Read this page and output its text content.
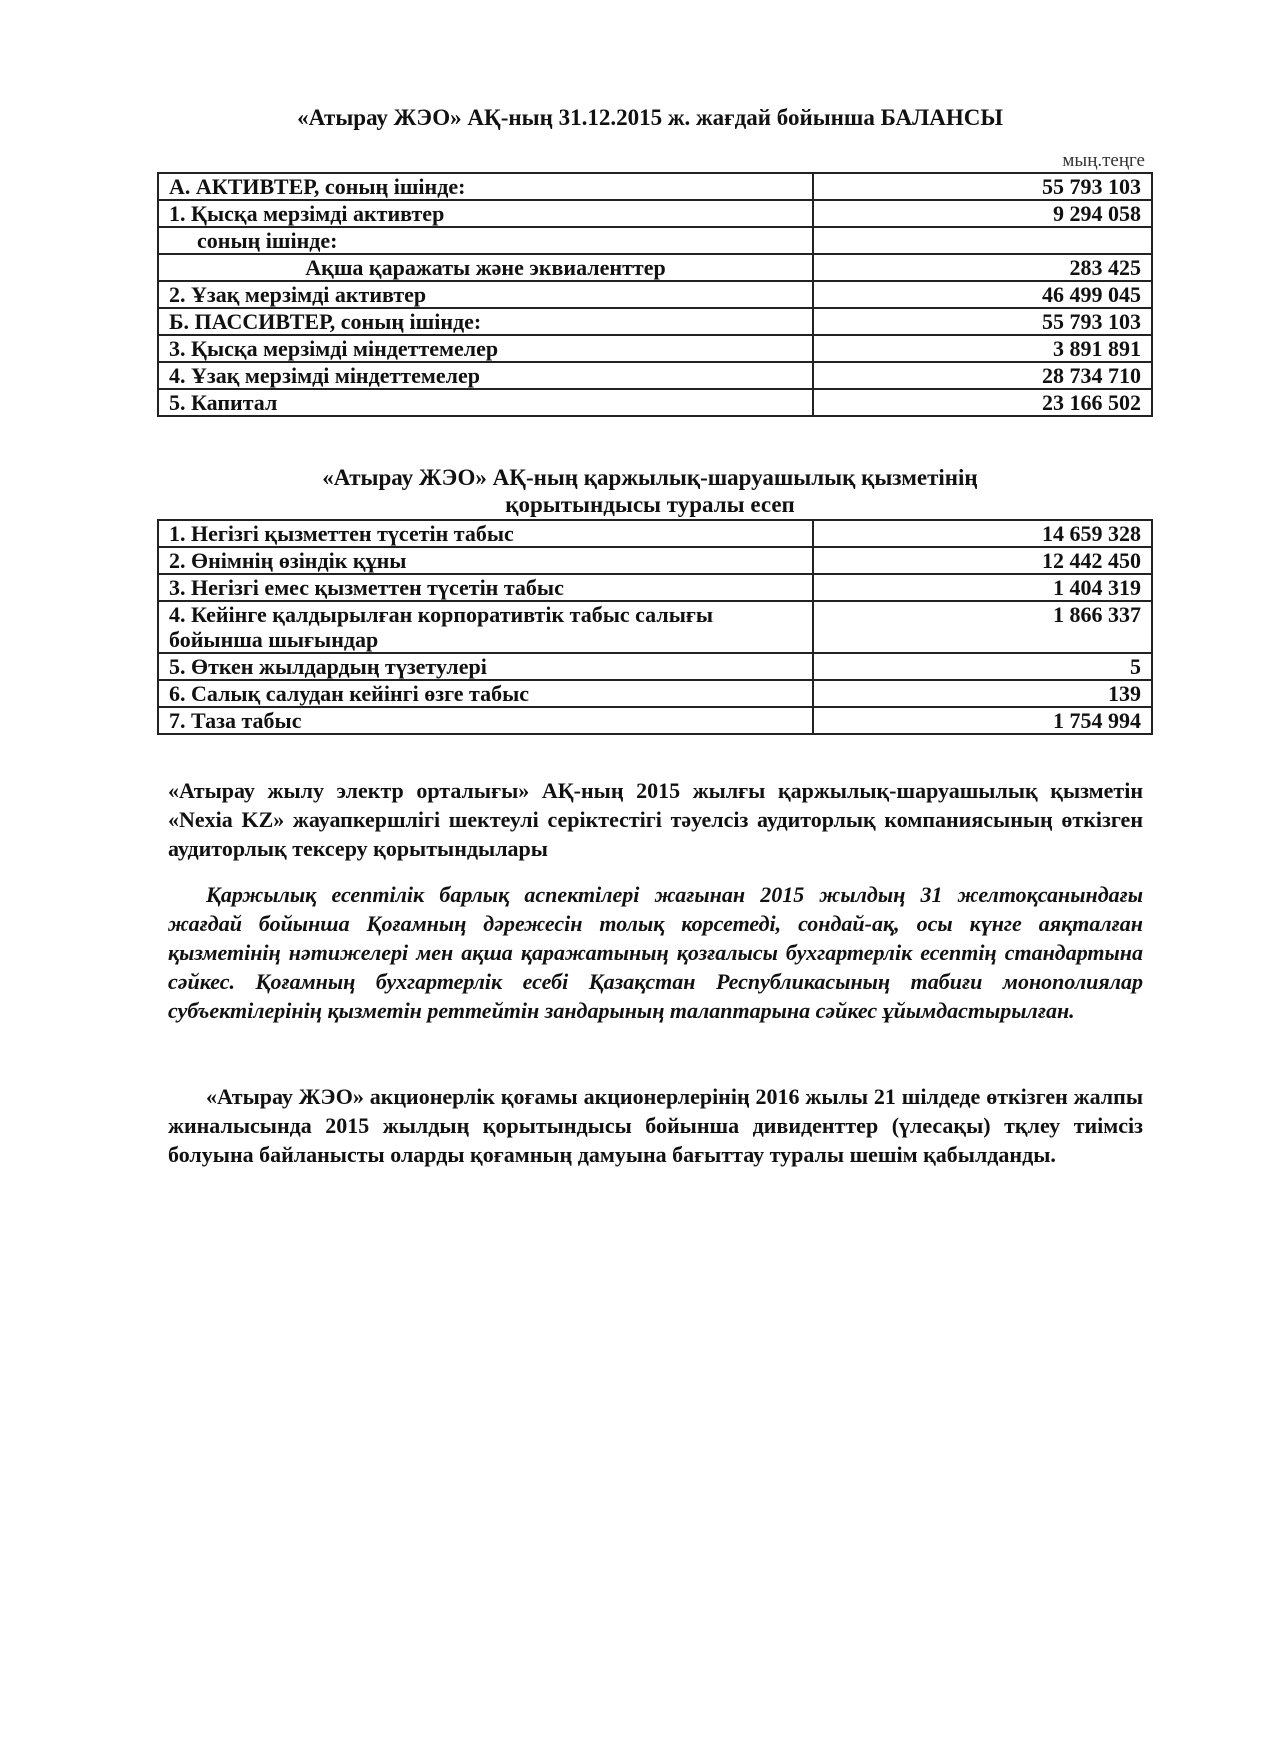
«Атырау ЖЭО» АҚ-ның 31.12.2015 ж. жағдай бойынша БАЛАНСЫ
мың.теңге
А. АКТИВТЕР, соның ішінде:	55 793 103
1. Қысқа мерзімді активтер	9 294 058
соның ішінде:	
Ақша қаражаты және эквиаленттер	283 425
2. Ұзақ мерзімді активтер	46 499 045
Б. ПАССИВТЕР, соның ішінде:	55 793 103
3. Қысқа мерзімді міндеттемелер	3 891 891
4. Ұзақ мерзімді міндеттемелер	28 734 710
5. Капитал	23 166 502
«Атырау ЖЭО» АҚ-ның қаржылық-шаруашылық қызметінің
қорытындысы туралы есеп
1. Негізгі қызметтен түсетін табыс	14 659 328
2. Өнімнің өзіндік құны	12 442 450
3. Негізгі емес қызметтен түсетін табыс	1 404 319
4. Кейінге қалдырылған корпоративтік табыс салығы бойынша шығындар	1 866 337
5. Өткен жылдардың түзетулері	5
6. Салық салудан кейінгі өзге табыс	139
7. Таза табыс	1 754 994
«Атырау жылу электр орталығы» АҚ-ның 2015 жылғы қаржылық-шаруашылық қызметін «Nexia KZ» жауапкершлігі шектеулі серіктестігі тәуелсіз аудиторлық компаниясының өткізген аудиторлық тексеру қорытындылары
Қаржылық есептілік барлық аспектілері жағынан 2015 жылдың 31 желтоқсанындағы жағдай бойынша Қоғамның дәрежесін толық корсетеді, сондай-ақ, осы күнге аяқталған қызметінің нәтижелері мен ақша қаражатының қозғалысы бухгартерлік есептің стандартына сәйкес. Қоғамның бухгартерлік есебі Қазақстан Республикасының табиғи монополиялар субъектілерінің қызметін реттейтін зандарының талаптарына сәйкес ұйымдастырылған.
«Атырау ЖЭО» акционерлік қоғамы акционерлерінің 2016 жылы 21 шілдеде өткізген жалпы жиналысында 2015 жылдың қорытындысы бойынша дивиденттер (үлесақы) тқлеу тиімсіз болуына байланысты оларды қоғамның дамуына бағыттау туралы шешім қабылданды.
